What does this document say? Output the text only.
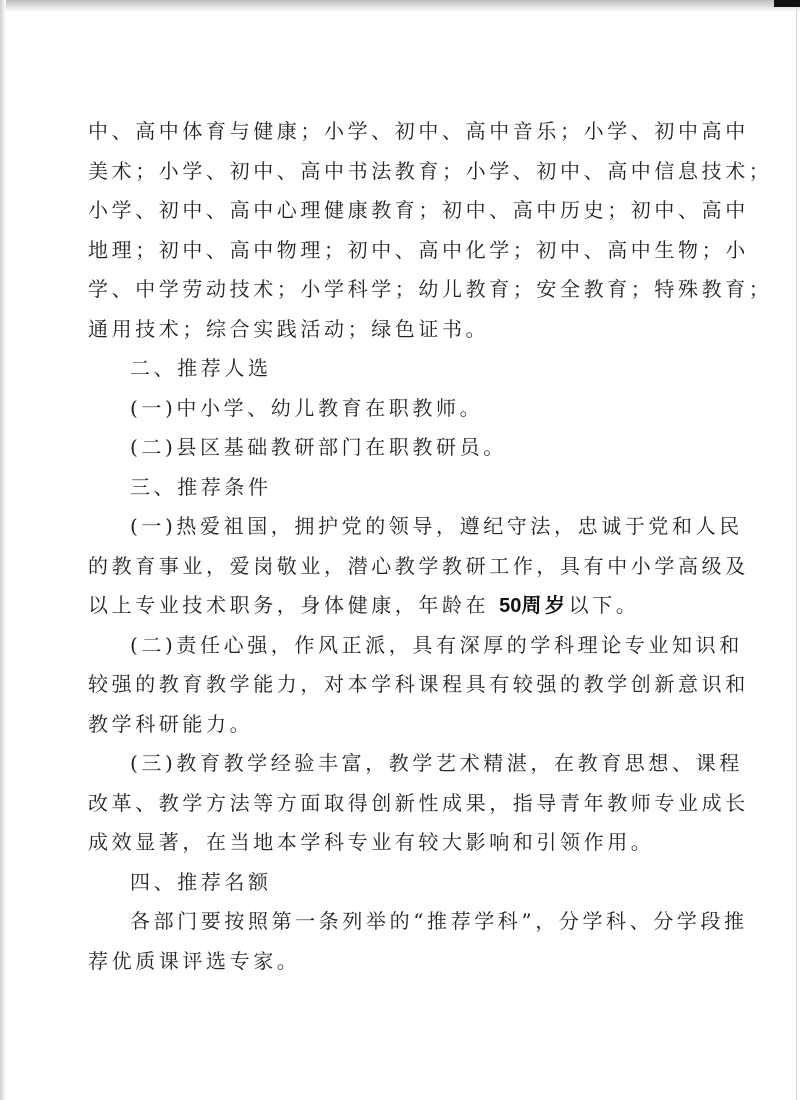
中、高中体育与健康；小学、初中、高中音乐；小学、初中高中
美术；小学、初中、高中书法教育；小学、初中、高中信息技术；
小学、初中、高中心理健康教育；初中、高中历史；初中、高中
地理；初中、高中物理；初中、高中化学；初中、高中生物；小
学、中学劳动技术；小学科学；幼儿教育；安全教育；特殊教育；
通用技术；综合实践活动；绿色证书。
二、推荐人选
(一)中小学、幼儿教育在职教师。
(二)县区基础教研部门在职教研员。
三、推荐条件
(一)热爱祖国，拥护党的领导，遵纪守法，忠诚于党和人民
的教育事业，爱岗敬业，潜心教学教研工作，具有中小学高级及
以上专业技术职务，身体健康，年龄在 50周岁以下。
(二)责任心强，作风正派，具有深厚的学科理论专业知识和
较强的教育教学能力，对本学科课程具有较强的教学创新意识和
教学科研能力。
(三)教育教学经验丰富，教学艺术精湛，在教育思想、课程
改革、教学方法等方面取得创新性成果，指导青年教师专业成长
成效显著，在当地本学科专业有较大影响和引领作用。
四、推荐名额
各部门要按照第一条列举的“推荐学科”，分学科、分学段推
荐优质课评选专家。
